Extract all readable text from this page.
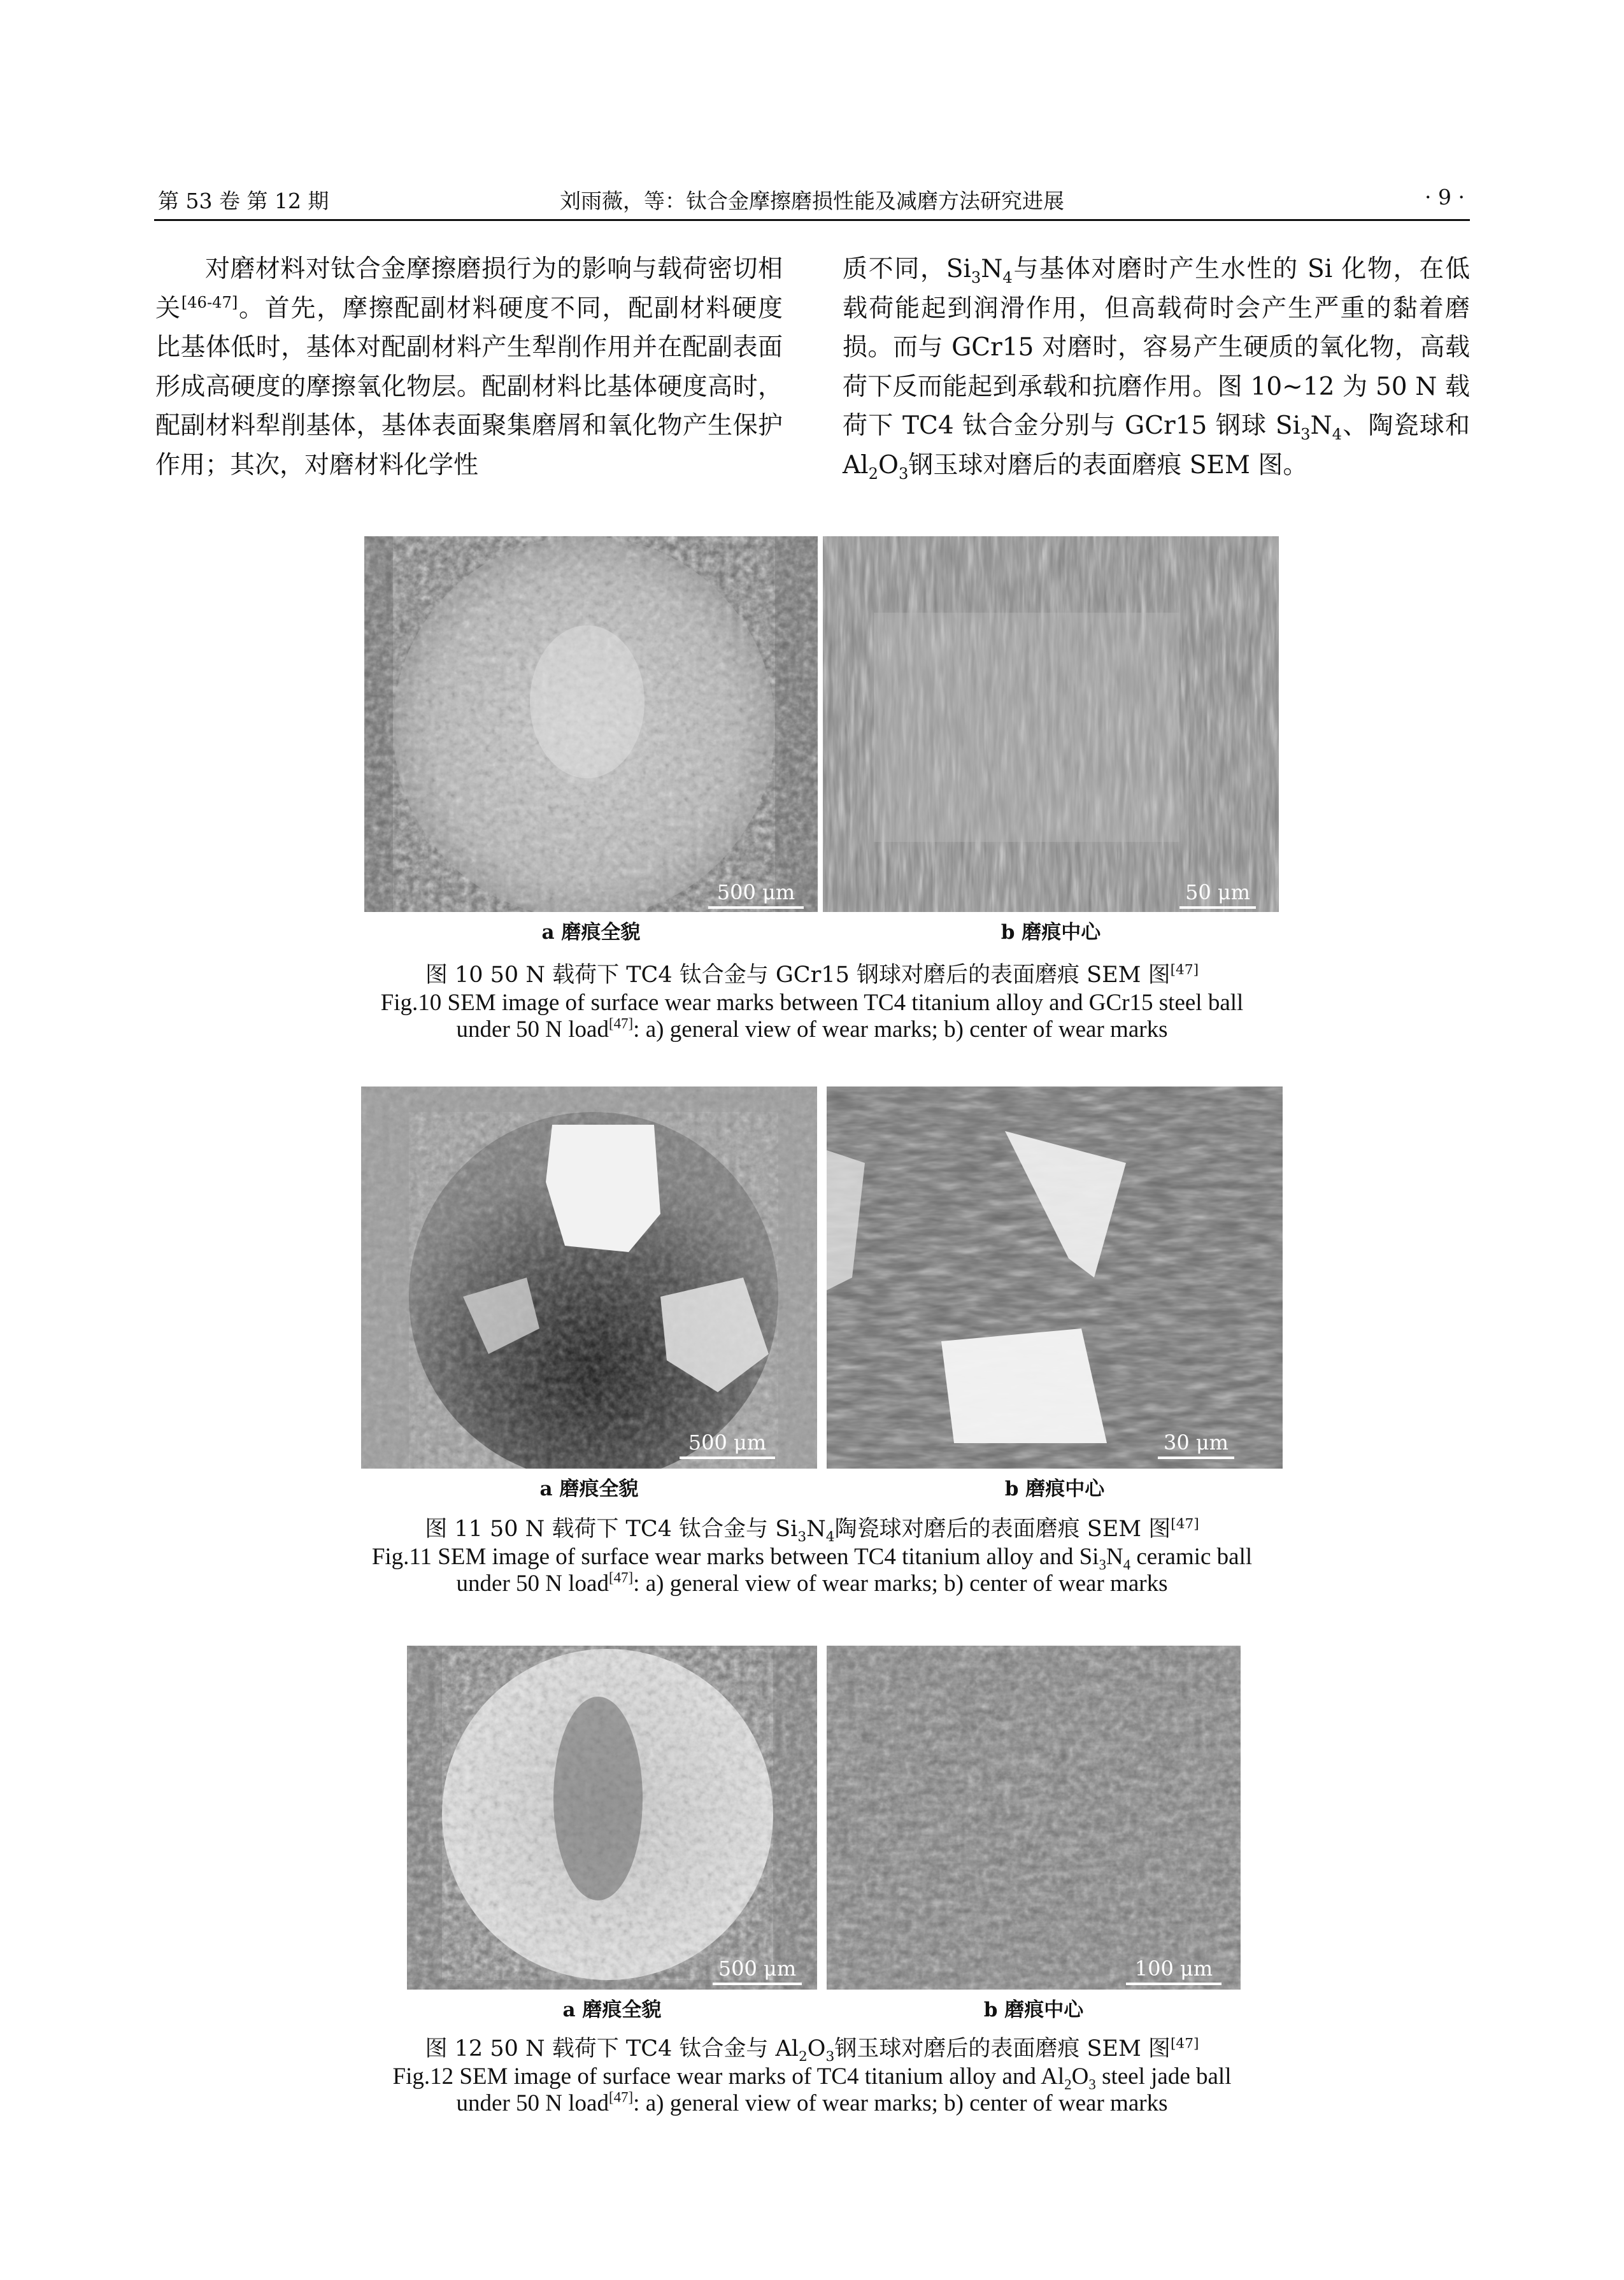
第 53 卷 第 12 期	刘雨薇，等：钛合金摩擦磨损性能及减磨方法研究进展	· 9 ·

对磨材料对钛合金摩擦磨损行为的影响与载荷密切相关[46-47]。首先，摩擦配副材料硬度不同，配副材料硬度比基体低时，基体对配副材料产生犁削作用并在配副表面形成高硬度的摩擦氧化物层。配副材料比基体硬度高时，配副材料犁削基体，基体表面聚集磨屑和氧化物产生保护作用；其次，对磨材料化学性

质不同，$Si_3N_4$与基体对磨时产生水性的 Si 化物，在低载荷能起到润滑作用，但高载荷时会产生严重的黏着磨损。而与 GCr15 对磨时，容易产生硬质的氧化物，高载荷下反而能起到承载和抗磨作用。图 10~12 为 50 N 载荷下 TC4 钛合金分别与 GCr15 钢球 $Si_3N_4$、陶瓷球和 $Al_2O_3$钢玉球对磨后的表面磨痕 SEM 图。

500 μm	50 μm
a 磨痕全貌	b 磨痕中心
图 10 50 N 载荷下 TC4 钛合金与 GCr15 钢球对磨后的表面磨痕 SEM 图[47]
Fig.10 SEM image of surface wear marks between TC4 titanium alloy and GCr15 steel ball
under 50 N load[47]: a) general view of wear marks; b) center of wear marks
500 μm	30 μm
a 磨痕全貌	b 磨痕中心
图 11 50 N 载荷下 TC4 钛合金与 $Si_3N_4$陶瓷球对磨后的表面磨痕 SEM 图[47]
Fig.11 SEM image of surface wear marks between TC4 titanium alloy and $Si_3N_4$ ceramic ball
under 50 N load[47]: a) general view of wear marks; b) center of wear marks
500 μm	100 μm
a 磨痕全貌	b 磨痕中心
图 12 50 N 载荷下 TC4 钛合金与 $Al_2O_3$钢玉球对磨后的表面磨痕 SEM 图[47]
Fig.12 SEM image of surface wear marks of TC4 titanium alloy and $Al_2O_3$ steel jade ball
under 50 N load[47]: a) general view of wear marks; b) center of wear marks
